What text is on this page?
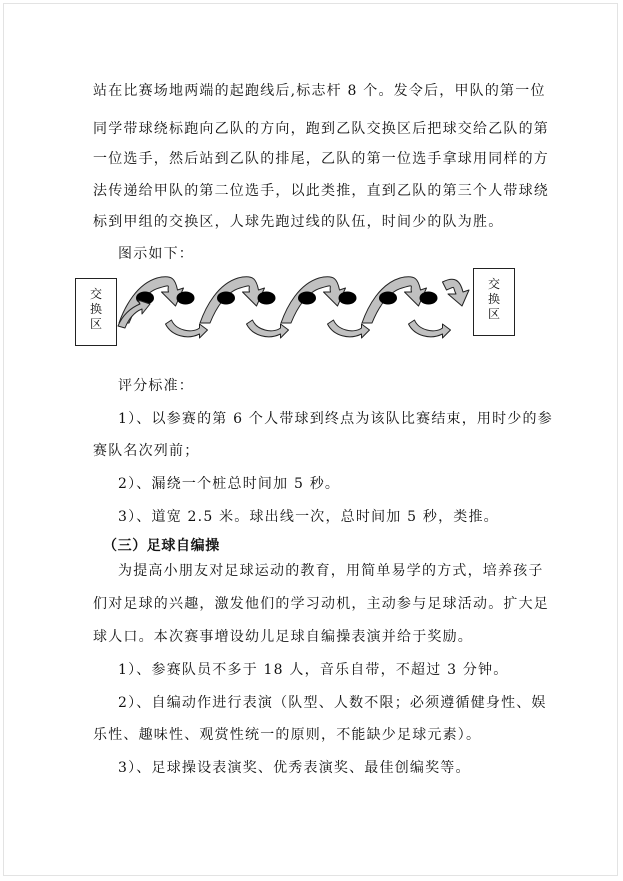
站在比赛场地两端的起跑线后,标志杆 8 个。发令后，甲队的第一位
同学带球绕标跑向乙队的方向，跑到乙队交换区后把球交给乙队的第
一位选手，然后站到乙队的排尾，乙队的第一位选手拿球用同样的方
法传递给甲队的第二位选手，以此类推，直到乙队的第三个人带球绕
标到甲组的交换区，人球先跑过线的队伍，时间少的队为胜。
图示如下：
交
换
区
交
换
区
评分标准：
1）、以参赛的第 6 个人带球到终点为该队比赛结束，用时少的参
赛队名次列前；
2）、漏绕一个桩总时间加 5 秒。
3）、道宽 2.5 米。球出线一次，总时间加 5 秒，类推。
（三）足球自编操
为提高小朋友对足球运动的教育，用简单易学的方式，培养孩子
们对足球的兴趣，激发他们的学习动机，主动参与足球活动。扩大足
球人口。本次赛事增设幼儿足球自编操表演并给于奖励。
1）、参赛队员不多于 18 人，音乐自带，不超过 3 分钟。
2）、自编动作进行表演（队型、人数不限；必须遵循健身性、娱
乐性、趣味性、观赏性统一的原则，不能缺少足球元素）。
3）、足球操设表演奖、优秀表演奖、最佳创编奖等。
